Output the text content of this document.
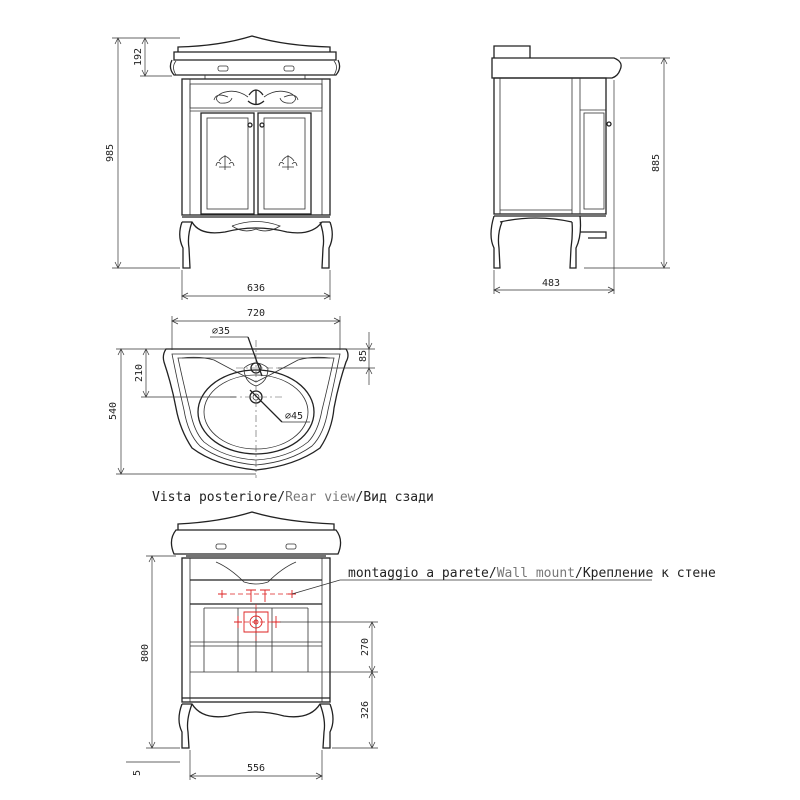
985
192
636
885
483
⌀35
⌀45
720
540
210
85
Vista posteriore/Rear view/Вид сзади
montaggio a parete/Wall mount/Крепление к стене
800	270
326
556
5
